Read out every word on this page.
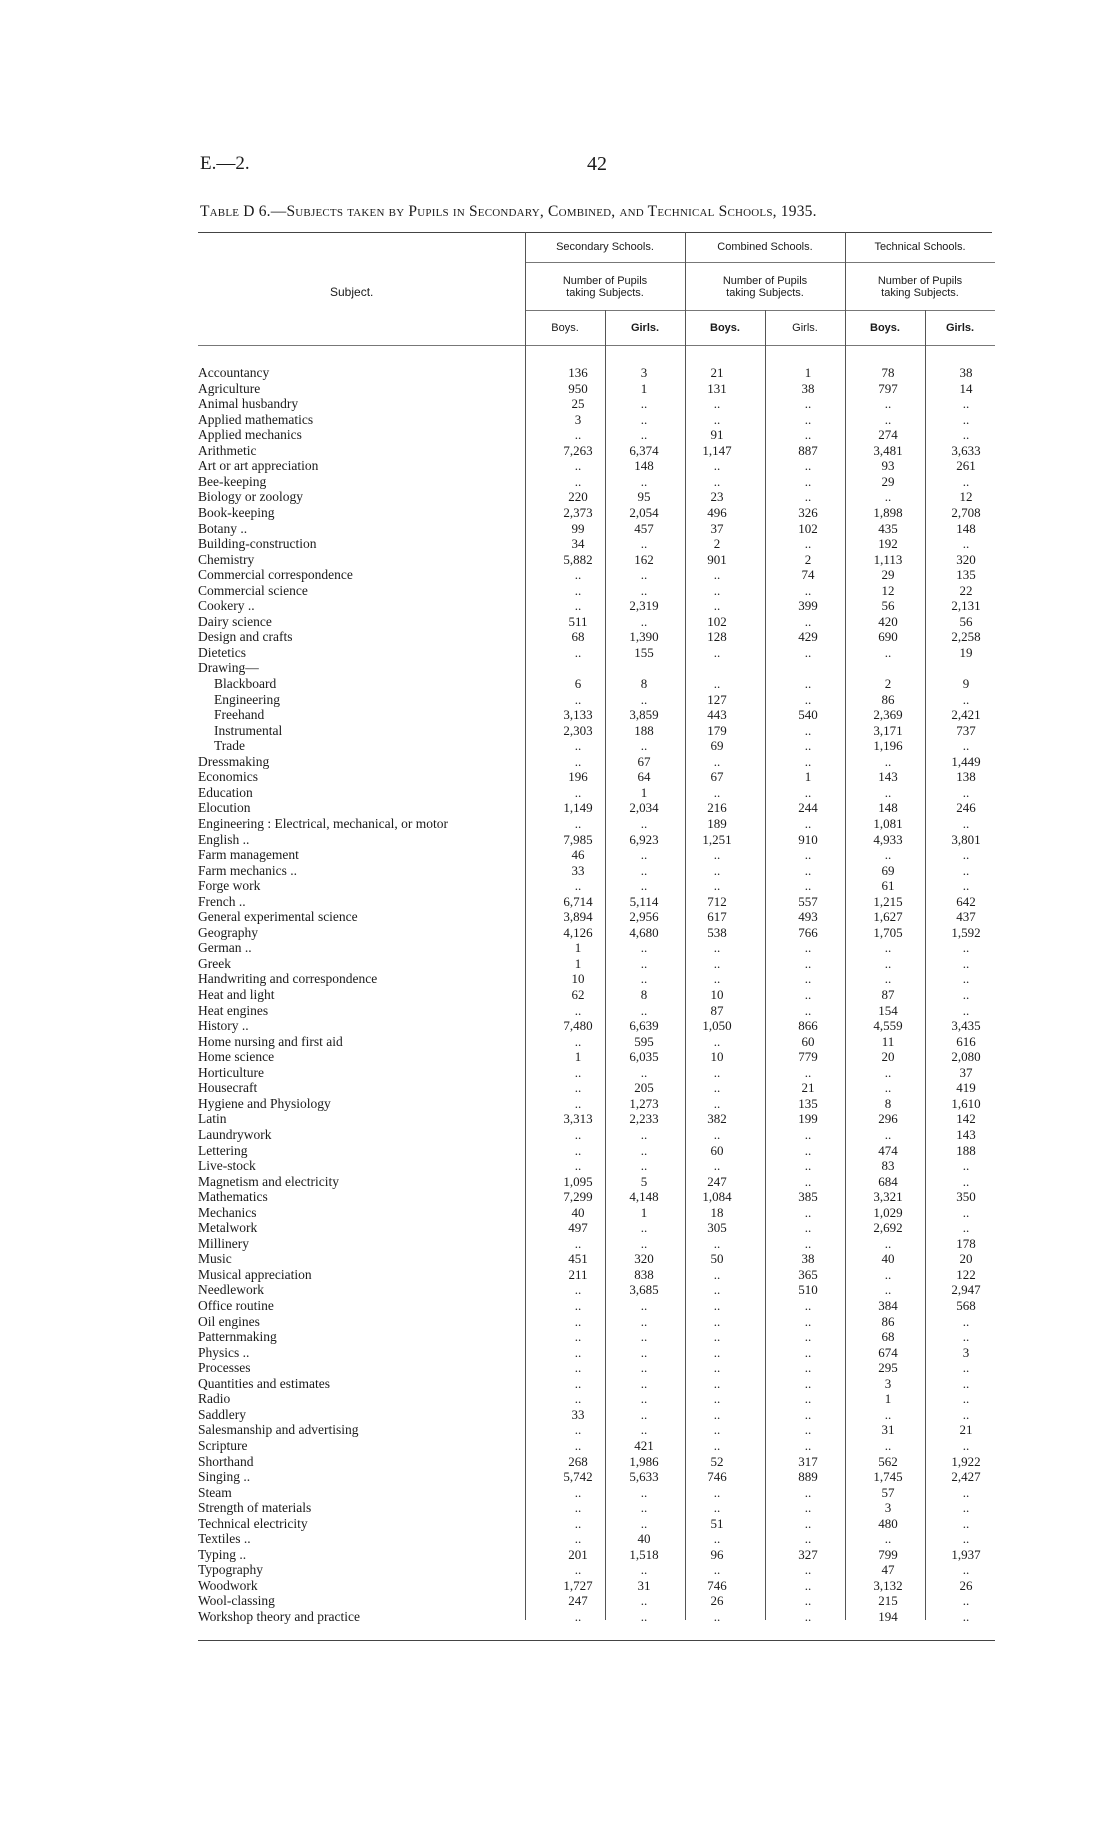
E.—2.	42
Table D 6.—Subjects taken by Pupils in Secondary, Combined, and Technical Schools, 1935.
Subject.
Secondary Schools.	Combined Schools.	Technical Schools.
Number of Pupils
taking Subjects.
Number of Pupils
taking Subjects.
Number of Pupils
taking Subjects.
Boys.	Girls.	Boys.	Girls.	Boys.	Girls.
Accountancy	136	3	21	1	78	38
Agriculture	950	1	131	38	797	14
Animal husbandry	25	..	..	..	..	..
Applied mathematics	3	..	..	..	..	..
Applied mechanics	..	..	91	..	274	..
Arithmetic	7,263	6,374	1,147	887	3,481	3,633
Art or art appreciation	..	148	..	..	93	261
Bee-keeping	..	..	..	..	29	..
Biology or zoology	220	95	23	..	..	12
Book-keeping	2,373	2,054	496	326	1,898	2,708
Botany ..	99	457	37	102	435	148
Building-construction	34	..	2	..	192	..
Chemistry	5,882	162	901	2	1,113	320
Commercial correspondence	..	..	..	74	29	135
Commercial science	..	..	..	..	12	22
Cookery ..	..	2,319	..	399	56	2,131
Dairy science	511	..	102	..	420	56
Design and crafts	68	1,390	128	429	690	2,258
Dietetics	..	155	..	..	..	19
Drawing—
Blackboard	6	8	..	..	2	9
Engineering	..	..	127	..	86	..
Freehand	3,133	3,859	443	540	2,369	2,421
Instrumental	2,303	188	179	..	3,171	737
Trade	..	..	69	..	1,196	..
Dressmaking	..	67	..	..	..	1,449
Economics	196	64	67	1	143	138
Education	..	1	..	..	..	..
Elocution	1,149	2,034	216	244	148	246
Engineering : Electrical, mechanical, or motor	..	..	189	..	1,081	..
English ..	7,985	6,923	1,251	910	4,933	3,801
Farm management	46	..	..	..	..	..
Farm mechanics ..	33	..	..	..	69	..
Forge work	..	..	..	..	61	..
French ..	6,714	5,114	712	557	1,215	642
General experimental science	3,894	2,956	617	493	1,627	437
Geography	4,126	4,680	538	766	1,705	1,592
German ..	1	..	..	..	..	..
Greek	1	..	..	..	..	..
Handwriting and correspondence	10	..	..	..	..	..
Heat and light	62	8	10	..	87	..
Heat engines	..	..	87	..	154	..
History ..	7,480	6,639	1,050	866	4,559	3,435
Home nursing and first aid	..	595	..	60	11	616
Home science	1	6,035	10	779	20	2,080
Horticulture	..	..	..	..	..	37
Housecraft	..	205	..	21	..	419
Hygiene and Physiology	..	1,273	..	135	8	1,610
Latin	3,313	2,233	382	199	296	142
Laundrywork	..	..	..	..	..	143
Lettering	..	..	60	..	474	188
Live-stock	..	..	..	..	83	..
Magnetism and electricity	1,095	5	247	..	684	..
Mathematics	7,299	4,148	1,084	385	3,321	350
Mechanics	40	1	18	..	1,029	..
Metalwork	497	..	305	..	2,692	..
Millinery	..	..	..	..	..	178
Music	451	320	50	38	40	20
Musical appreciation	211	838	..	365	..	122
Needlework	..	3,685	..	510	..	2,947
Office routine	..	..	..	..	384	568
Oil engines	..	..	..	..	86	..
Patternmaking	..	..	..	..	68	..
Physics ..	..	..	..	..	674	3
Processes	..	..	..	..	295	..
Quantities and estimates	..	..	..	..	3	..
Radio	..	..	..	..	1	..
Saddlery	33	..	..	..	..	..
Salesmanship and advertising	..	..	..	..	31	21
Scripture	..	421	..	..	..	..
Shorthand	268	1,986	52	317	562	1,922
Singing ..	5,742	5,633	746	889	1,745	2,427
Steam	..	..	..	..	57	..
Strength of materials	..	..	..	..	3	..
Technical electricity	..	..	51	..	480	..
Textiles ..	..	40	..	..	..	..
Typing ..	201	1,518	96	327	799	1,937
Typography	..	..	..	..	47	..
Woodwork	1,727	31	746	..	3,132	26
Wool-classing	247	..	26	..	215	..
Workshop theory and practice	..	..	..	..	194	..
